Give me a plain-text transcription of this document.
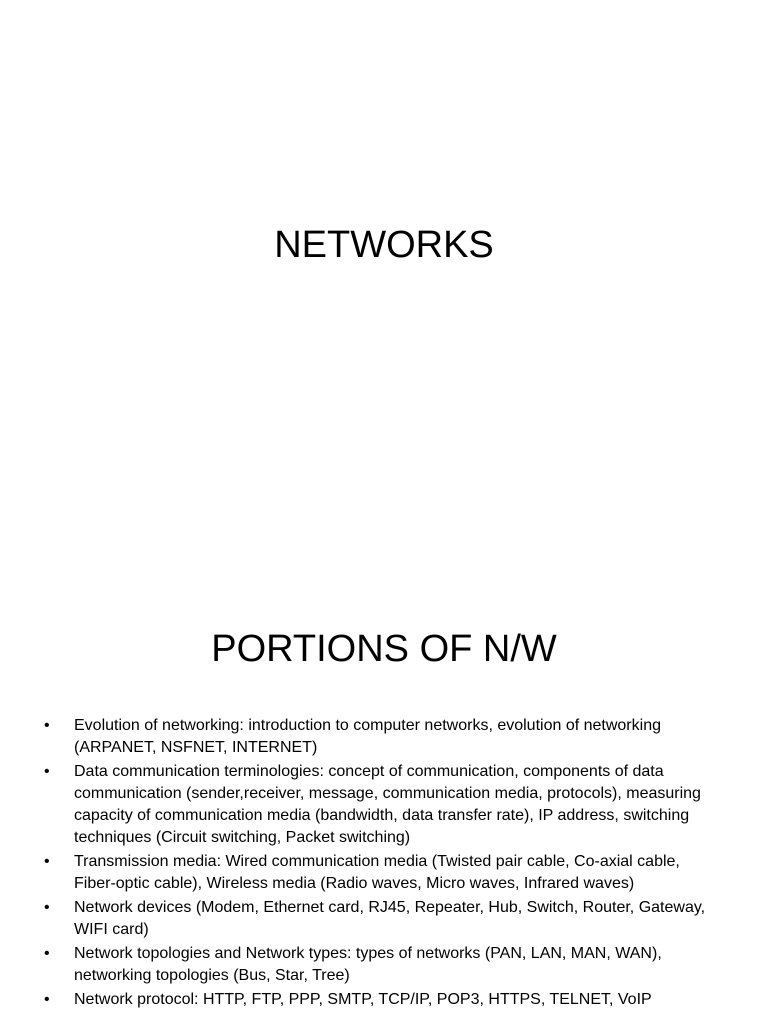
NETWORKS
PORTIONS OF N/W
•	Evolution of networking: introduction to computer networks, evolution of networking (ARPANET, NSFNET, INTERNET)
•	Data communication terminologies: concept of communication, components of data communication (sender,receiver, message, communication media, protocols), measuring capacity of communication media (bandwidth, data transfer rate), IP address, switching techniques (Circuit switching, Packet switching)
•	Transmission media: Wired communication media (Twisted pair cable, Co-axial cable, Fiber-optic cable), Wireless media (Radio waves, Micro waves, Infrared waves)
•	Network devices (Modem, Ethernet card, RJ45, Repeater, Hub, Switch, Router, Gateway, WIFI card)
•	Network topologies and Network types: types of networks (PAN, LAN, MAN, WAN), networking topologies (Bus, Star, Tree)
•	Network protocol: HTTP, FTP, PPP, SMTP, TCP/IP, POP3, HTTPS, TELNET, VoIP
